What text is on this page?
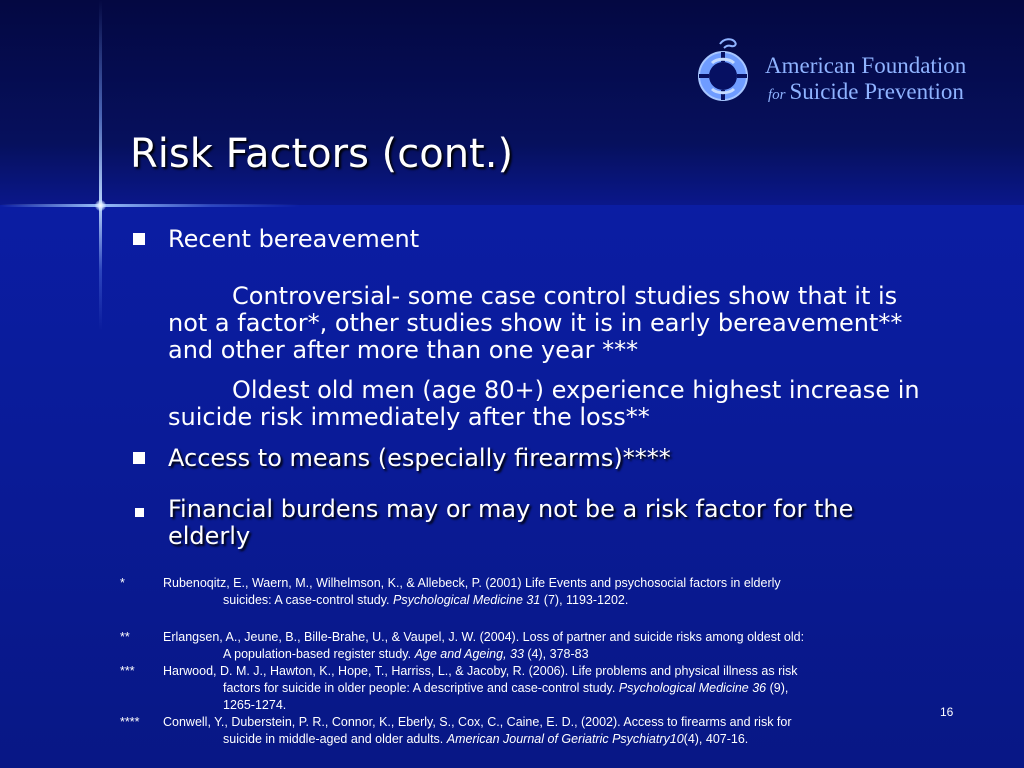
American Foundation
for Suicide Prevention
Risk Factors (cont.)
Recent bereavement
Controversial- some case control studies show that it is
not a factor*, other studies show it is in early bereavement**
and other after more than one year ***
Oldest old men (age 80+) experience highest increase in
suicide risk immediately after the loss**
Access to means (especially firearms)****
Financial burdens may or may not be a risk factor for the
elderly
*	Rubenoqitz, E., Waern, M., Wilhelmson, K., & Allebeck, P. (2001) Life Events and psychosocial factors in elderly
suicides: A case-control study. Psychological Medicine 31 (7), 1193-1202.
**	Erlangsen, A., Jeune, B., Bille-Brahe, U., & Vaupel, J. W. (2004). Loss of partner and suicide risks among oldest old:
A population-based register study. Age and Ageing, 33 (4), 378-83
*** Harwood, D. M. J., Hawton, K., Hope, T., Harriss, L., & Jacoby, R. (2006). Life problems and physical illness as risk
factors for suicide in older people: A descriptive and case-control study. Psychological Medicine 36 (9),
1265-1274.
**** Conwell, Y., Duberstein, P. R., Connor, K., Eberly, S., Cox, C., Caine, E. D., (2002). Access to firearms and risk for
suicide in middle-aged and older adults. American Journal of Geriatric Psychiatry10(4), 407-16.
16
